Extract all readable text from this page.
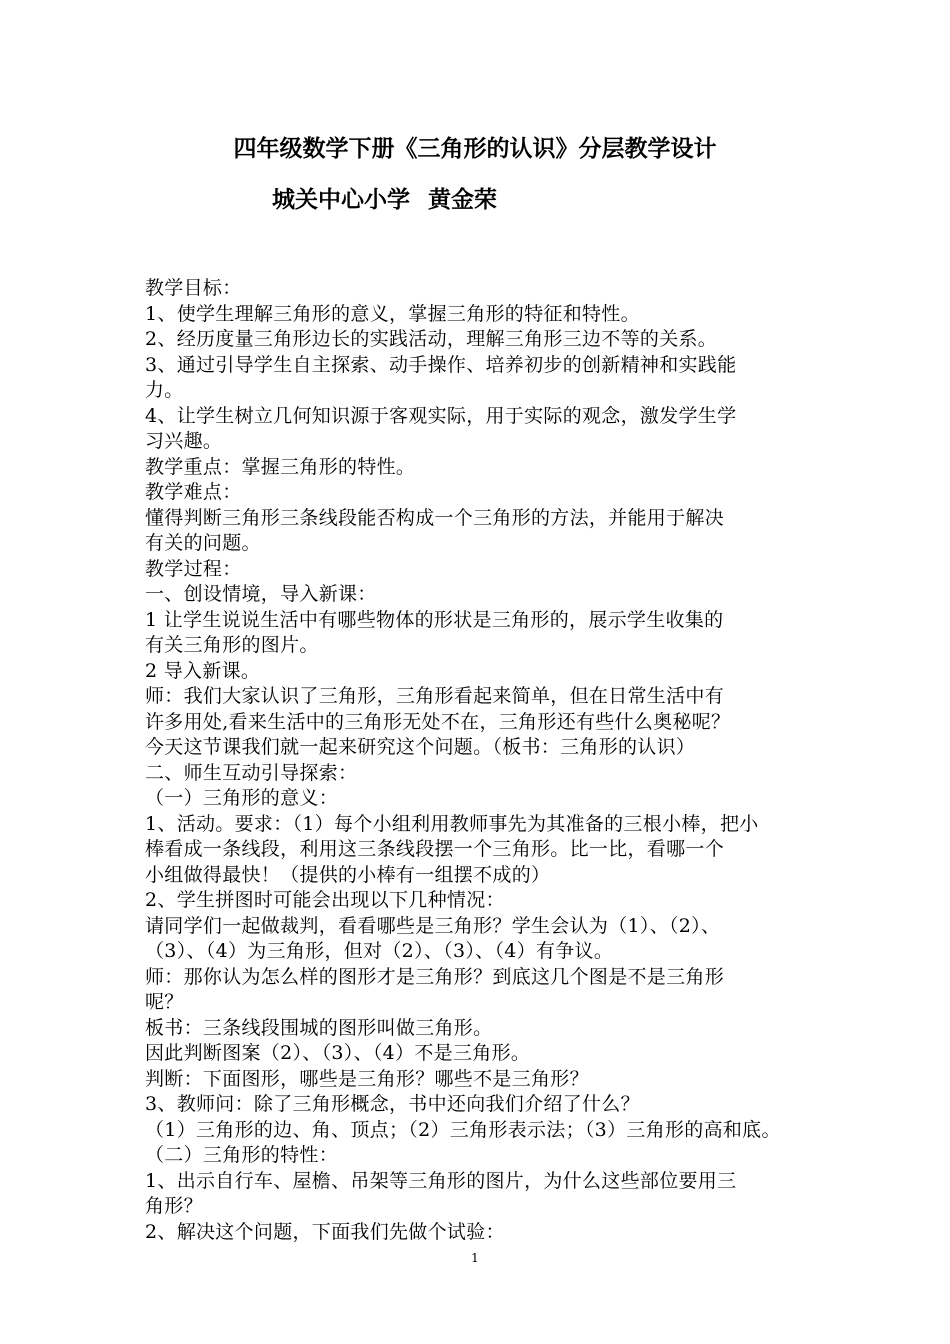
四年级数学下册《三角形的认识》分层教学设计
城关中心小学 黄金荣
教学目标：
1、使学生理解三角形的意义，掌握三角形的特征和特性。
2、经历度量三角形边长的实践活动，理解三角形三边不等的关系。
3、通过引导学生自主探索、动手操作、培养初步的创新精神和实践能
力。
4、让学生树立几何知识源于客观实际，用于实际的观念，激发学生学
习兴趣。
教学重点：掌握三角形的特性。
教学难点：
懂得判断三角形三条线段能否构成一个三角形的方法，并能用于解决
有关的问题。
教学过程：
一、创设情境，导入新课：
1 让学生说说生活中有哪些物体的形状是三角形的，展示学生收集的
有关三角形的图片。
2 导入新课。
师：我们大家认识了三角形，三角形看起来简单，但在日常生活中有
许多用处,看来生活中的三角形无处不在，三角形还有些什么奥秘呢？
今天这节课我们就一起来研究这个问题。（板书：三角形的认识）
二、师生互动引导探索：
（一）三角形的意义：
1、活动。要求：（1）每个小组利用教师事先为其准备的三根小棒，把小
棒看成一条线段，利用这三条线段摆一个三角形。比一比，看哪一个
小组做得最快！（提供的小棒有一组摆不成的）
2、学生拼图时可能会出现以下几种情况：
请同学们一起做裁判，看看哪些是三角形？学生会认为（1）、（2）、
（3）、（4）为三角形，但对（2）、（3）、（4）有争议。
师：那你认为怎么样的图形才是三角形？到底这几个图是不是三角形
呢？
板书：三条线段围城的图形叫做三角形。
因此判断图案（2）、（3）、（4）不是三角形。
判断：下面图形，哪些是三角形？哪些不是三角形？
3、教师问：除了三角形概念，书中还向我们介绍了什么？
（1）三角形的边、角、顶点；（2）三角形表示法；（3）三角形的高和底。
（二）三角形的特性：
1、出示自行车、屋檐、吊架等三角形的图片，为什么这些部位要用三
角形？
2、解决这个问题，下面我们先做个试验：
1
